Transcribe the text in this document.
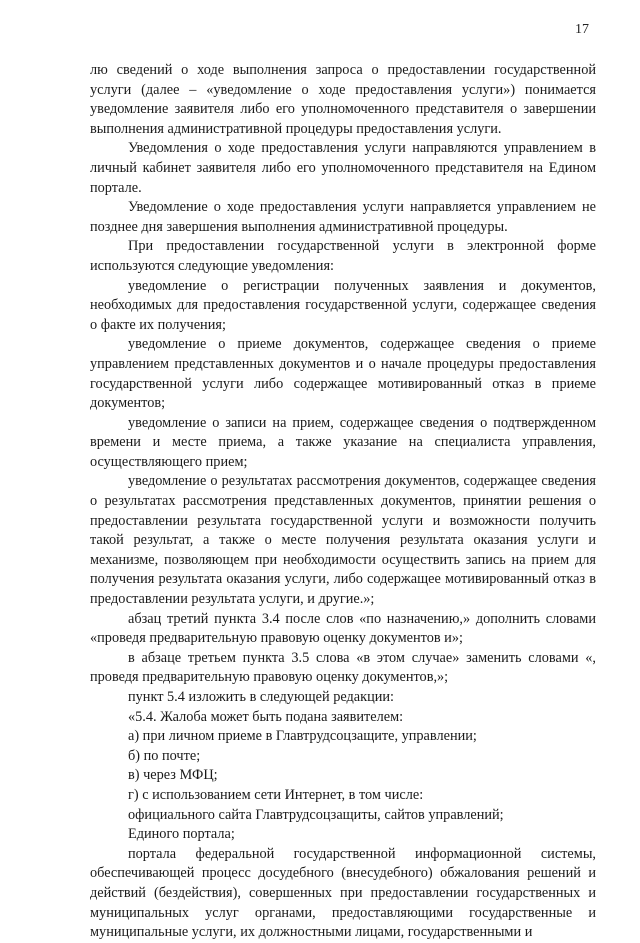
17

лю сведений о ходе выполнения запроса о предоставлении государственной услуги (далее – «уведомление о ходе предоставления услуги») понимается уведомление заявителя либо его уполномоченного представителя о завершении выполнения административной процедуры предоставления услуги.

Уведомления о ходе предоставления услуги направляются управлением в личный кабинет заявителя либо его уполномоченного представителя на Едином портале.

Уведомление о ходе предоставления услуги направляется управлением не позднее дня завершения выполнения административной процедуры.

При предоставлении государственной услуги в электронной форме используются следующие уведомления:

уведомление о регистрации полученных заявления и документов, необходимых для предоставления государственной услуги, содержащее сведения о факте их получения;

уведомление о приеме документов, содержащее сведения о приеме управлением представленных документов и о начале процедуры предоставления государственной услуги либо содержащее мотивированный отказ в приеме документов;

уведомление о записи на прием, содержащее сведения о подтвержденном времени и месте приема, а также указание на специалиста управления, осуществляющего прием;

уведомление о результатах рассмотрения документов, содержащее сведения о результатах рассмотрения представленных документов, принятии решения о предоставлении результата государственной услуги и возможности получить такой результат, а также о месте получения результата оказания услуги и механизме, позволяющем при необходимости осуществить запись на прием для получения результата оказания услуги, либо содержащее мотивированный отказ в предоставлении результата услуги, и другие.»;

абзац третий пункта 3.4 после слов «по назначению,» дополнить словами «проведя предварительную правовую оценку документов и»;

в абзаце третьем пункта 3.5 слова «в этом случае» заменить словами «, проведя предварительную правовую оценку документов,»;

пункт 5.4 изложить в следующей редакции:

«5.4. Жалоба может быть подана заявителем:

а) при личном приеме в Главтрудсоцзащите, управлении;

б) по почте;

в) через МФЦ;

г) с использованием сети Интернет, в том числе:

официального сайта Главтрудсоцзащиты, сайтов управлений;

Единого портала;

портала федеральной государственной информационной системы, обеспечивающей процесс досудебного (внесудебного) обжалования решений и действий (бездействия), совершенных при предоставлении государственных и муниципальных услуг органами, предоставляющими государственные и муниципальные услуги, их должностными лицами, государственными и
